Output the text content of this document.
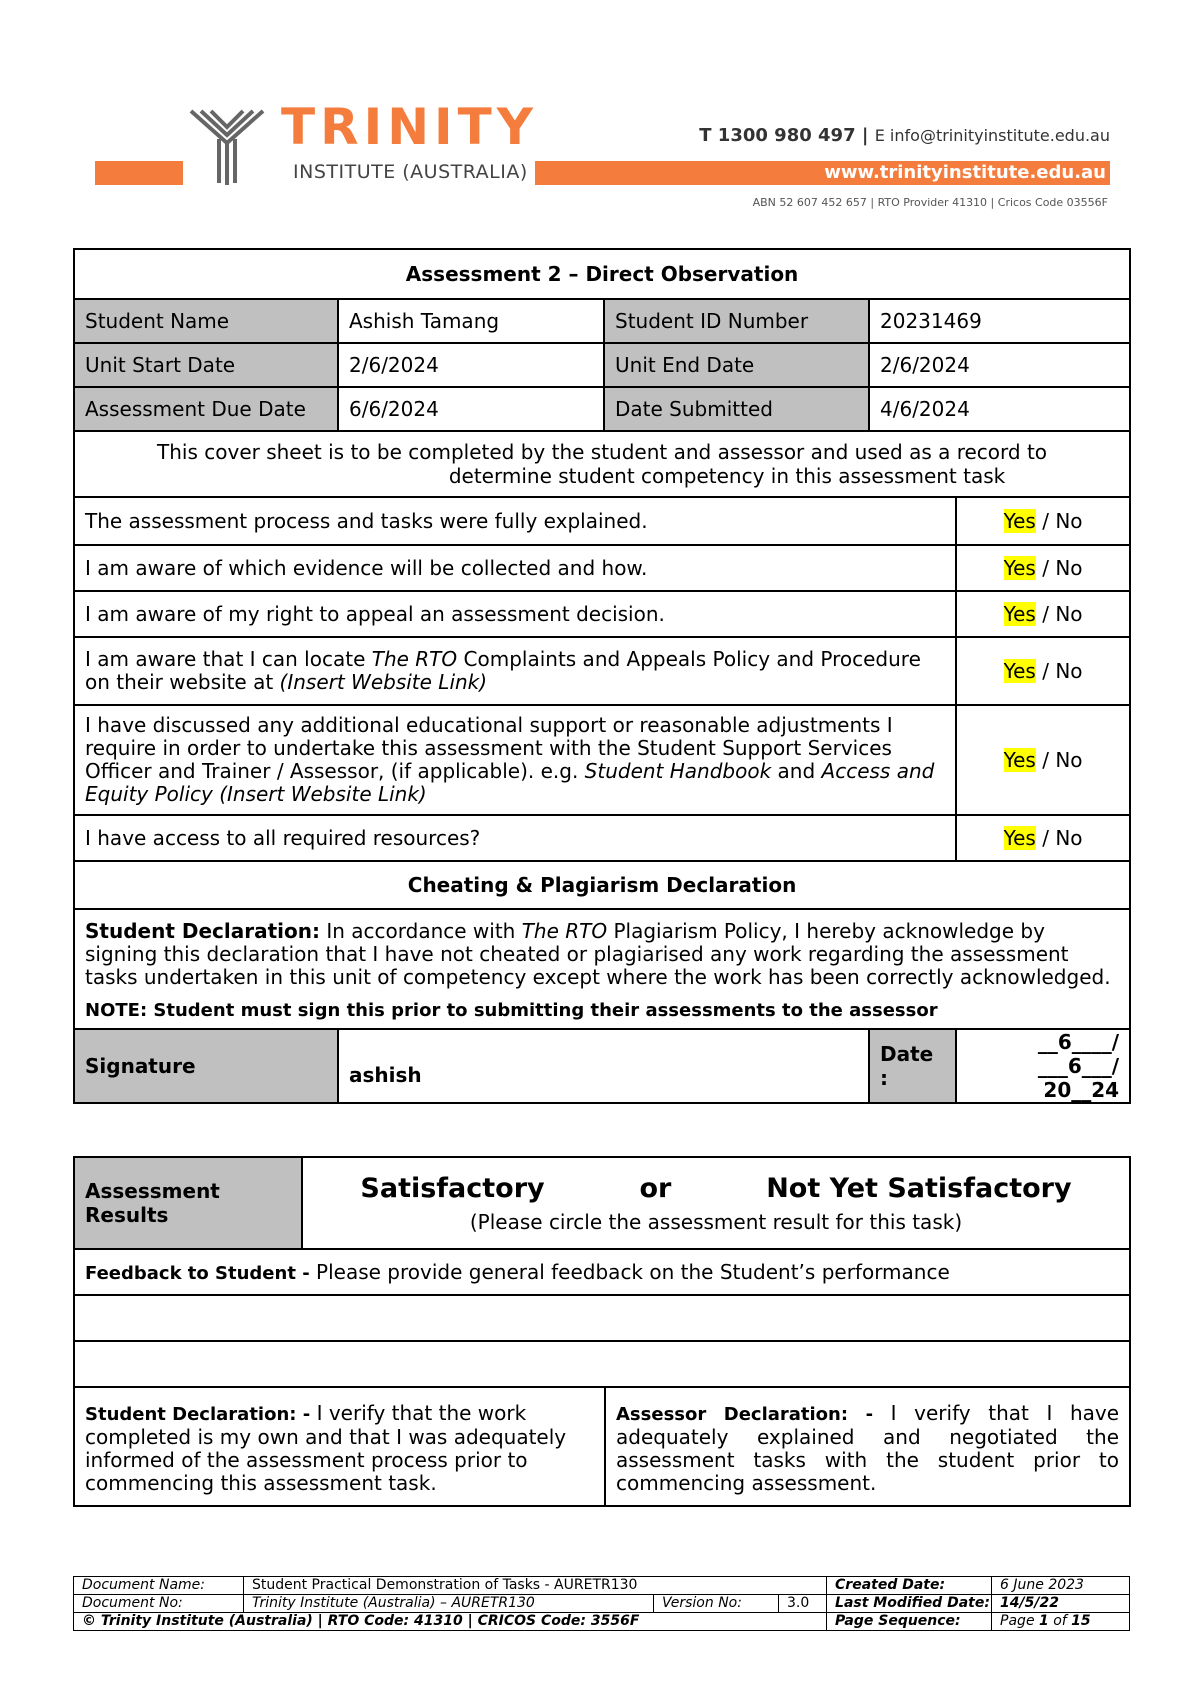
TRINITY
INSTITUTE (AUSTRALIA)
T 1300 980 497 | E info@trinityinstitute.edu.au
www.trinityinstitute.edu.au
ABN 52 607 452 657 | RTO Provider 41310 | Cricos Code 03556F
Assessment 2 – Direct Observation				
Student Name	Ashish Tamang	Student ID Number	20231469	
Unit Start Date	2/6/2024	Unit End Date	2/6/2024	
Assessment Due Date	6/6/2024	Date Submitted	4/6/2024	
This cover sheet is to be completed by the student and assessor and used as a record to
determine student competency in this assessment task				
The assessment process and tasks were fully explained.				Yes / No
I am aware of which evidence will be collected and how.				Yes / No
I am aware of my right to appeal an assessment decision.				Yes / No
I am aware that I can locate The RTO Complaints and Appeals Policy and Procedure on their website at (Insert Website Link)				Yes / No
I have discussed any additional educational support or reasonable adjustments I require in order to undertake this assessment with the Student Support Services Officer and Trainer / Assessor, (if applicable). e.g. Student Handbook and Access and Equity Policy (Insert Website Link)				Yes / No
I have access to all required resources?				Yes / No
Cheating & Plagiarism Declaration				
Student Declaration: In accordance with The RTO Plagiarism Policy, I hereby acknowledge by signing this declaration that I have not cheated or plagiarised any work regarding the assessment tasks undertaken in this unit of competency except where the work has been correctly acknowledged.
NOTE: Student must sign this prior to submitting their assessments to the assessor				

Signature	ashish		Date :	__6____/ ___6___/
20__24
Assessment Results	Satisfactory or Not Yet Satisfactory
(Please circle the assessment result for this task)	

Feedback to Student - Please provide general feedback on the Student’s performance		

Student Declaration: - I verify that the work completed is my own and that I was adequately informed of the assessment process prior to commencing this assessment task.		Assessor Declaration: - I verify that I have adequately explained and negotiated the assessment tasks with the student prior to commencing assessment.
Document Name:	Student Practical Demonstration of Tasks - AURETR130			Created Date:	6 June 2023
Document No:	Trinity Institute (Australia) – AURETR130	Version No:	3.0	Last Modified Date:	14/5/22
© Trinity Institute (Australia) | RTO Code: 41310 | CRICOS Code: 3556F				Page Sequence:	Page 1 of 15
